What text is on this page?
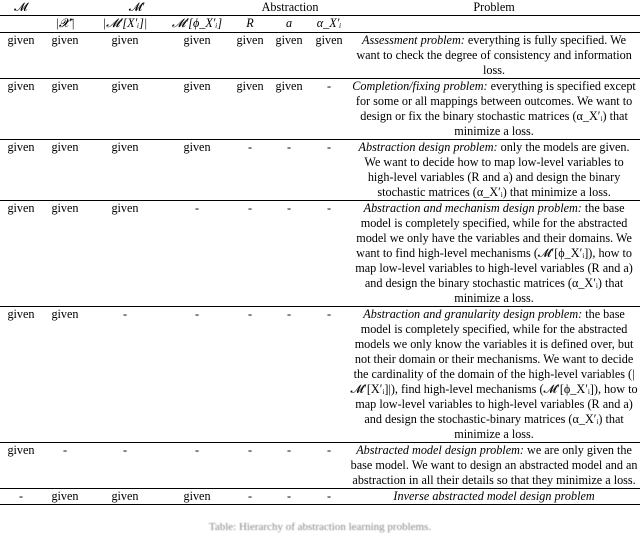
𝓜	𝓜′			Abstraction			Problem
	|𝓧′|	|𝓜′[X′ᵢ]|	𝓜′[ϕ_X′ᵢ]	R	a	α_X′ᵢ	
given	given	given	given	given	given	given	Assessment problem: everything is fully specified. We want to check the degree of consistency and information loss.
given	given	given	given	given	given	-	Completion/fixing problem: everything is specified except for some or all mappings between outcomes. We want to design or fix the binary stochastic matrices (α_X′ᵢ) that minimize a loss.
given	given	given	given	-	-	-	Abstraction design problem: only the models are given. We want to decide how to map low-level variables to high-level variables (R and a) and design the binary stochastic matrices (α_X′ᵢ) that minimize a loss.
given	given	given	-	-	-	-	Abstraction and mechanism design problem: the base model is completely specified, while for the abstracted model we only have the variables and their domains. We want to find high-level mechanisms (𝓜′[ϕ_X′ᵢ]), how to map low-level variables to high-level variables (R and a) and design the binary stochastic matrices (α_X′ᵢ) that minimize a loss.
given	given	-	-	-	-	-	Abstraction and granularity design problem: the base model is completely specified, while for the abstracted models we only know the variables it is defined over, but not their domain or their mechanisms. We want to decide the cardinality of the domain of the high-level variables (|𝓜′[X′ᵢ]|), find high-level mechanisms (𝓜′[ϕ_X′ᵢ]), how to map low-level variables to high-level variables (R and a) and design the stochastic-binary matrices (α_X′ᵢ) that minimize a loss.
given	-	-	-	-	-	-	Abstracted model design problem: we are only given the base model. We want to design an abstracted model and an abstraction in all their details so that they minimize a loss.
-	given	given	given	-	-	-	Inverse abstracted model design problem
Table: Hierarchy of abstraction learning problems.
